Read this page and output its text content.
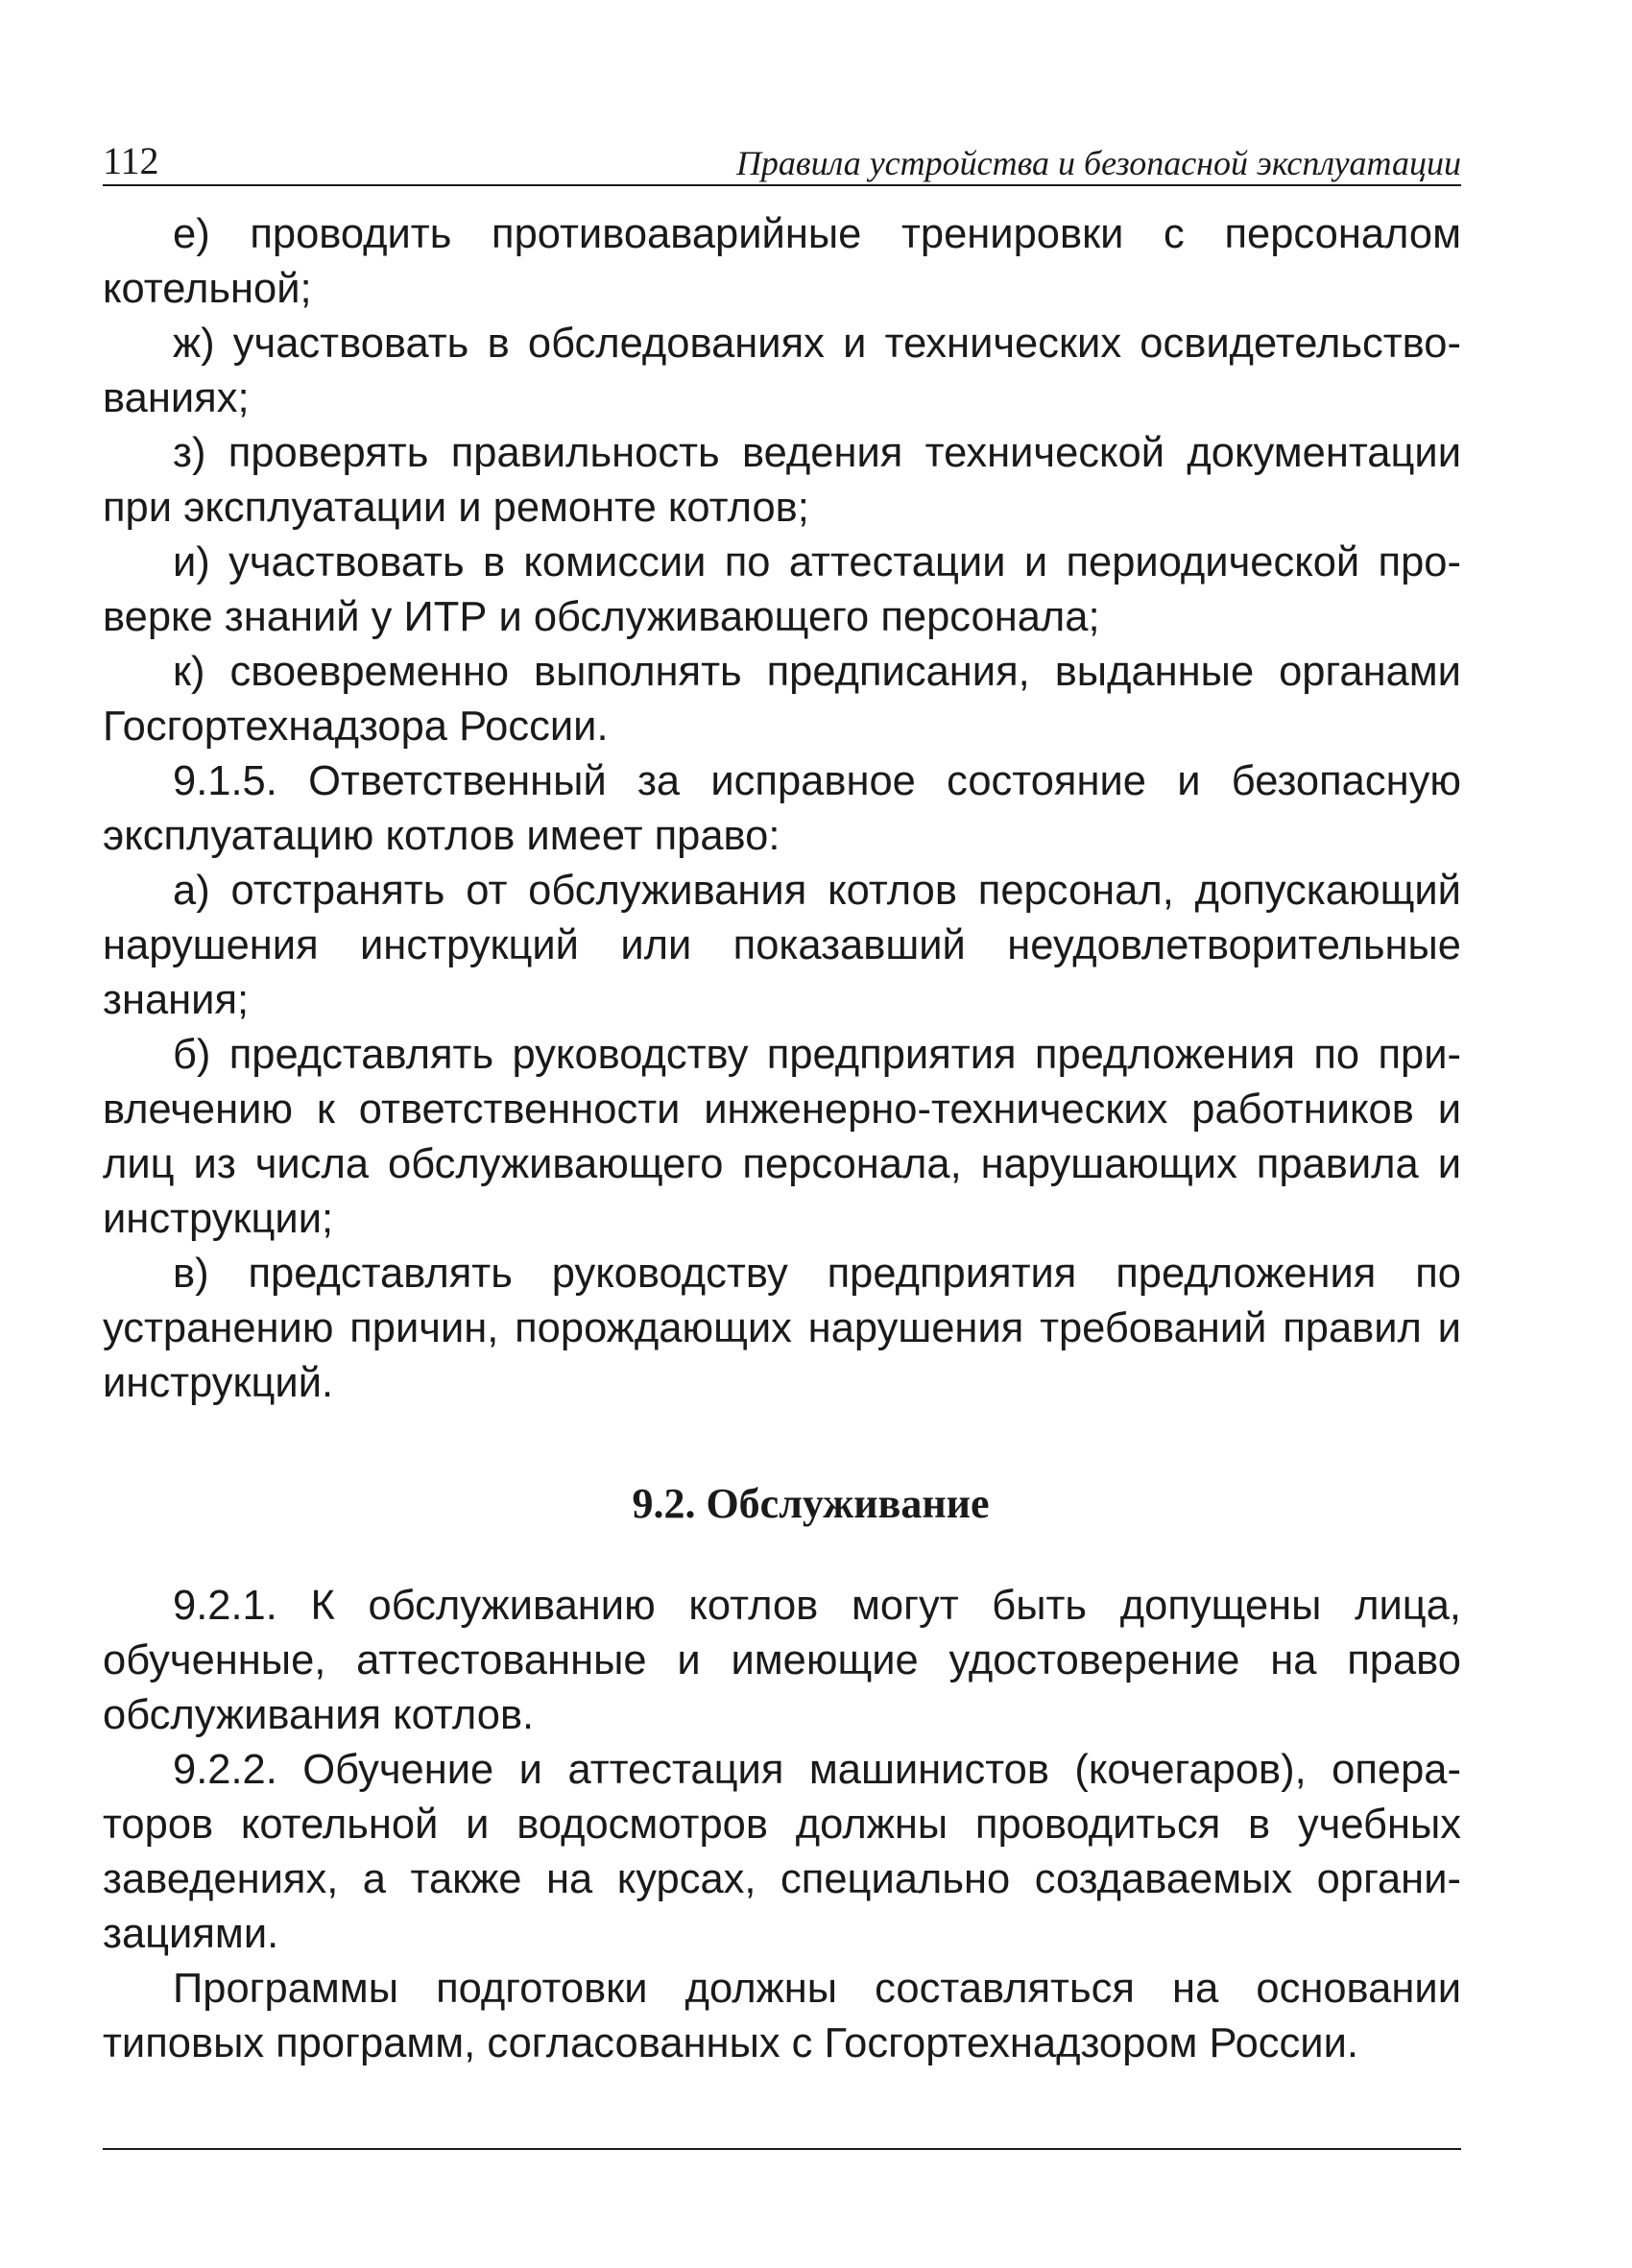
112	Правила устройства и безопасной эксплуатации

е) проводить противоаварийные тренировки с персоналом котельной;

ж) участвовать в обследованиях и технических освидетельствованиях;

з) проверять правильность ведения технической документации при эксплуатации и ремонте котлов;

и) участвовать в комиссии по аттестации и периодической проверке знаний у ИТР и обслуживающего персонала;

к) своевременно выполнять предписания, выданные органами Госгортехнадзора России.

9.1.5. Ответственный за исправное состояние и безопасную эксплуатацию котлов имеет право:

а) отстранять от обслуживания котлов персонал, допускающий нарушения инструкций или показавший неудовлетворительные знания;

б) представлять руководству предприятия предложения по привлечению к ответственности инженерно-технических работников и лиц из числа обслуживающего персонала, нарушающих правила и инструкции;

в) представлять руководству предприятия предложения по устранению причин, порождающих нарушения требований правил и инструкций.

9.2. Обслуживание

9.2.1. К обслуживанию котлов могут быть допущены лица, обученные, аттестованные и имеющие удостоверение на право обслуживания котлов.

9.2.2. Обучение и аттестация машинистов (кочегаров), операторов котельной и водосмотров должны проводиться в учебных заведениях, а также на курсах, специально создаваемых организациями.

Программы подготовки должны составляться на основании типовых программ, согласованных с Госгортехнадзором России.
